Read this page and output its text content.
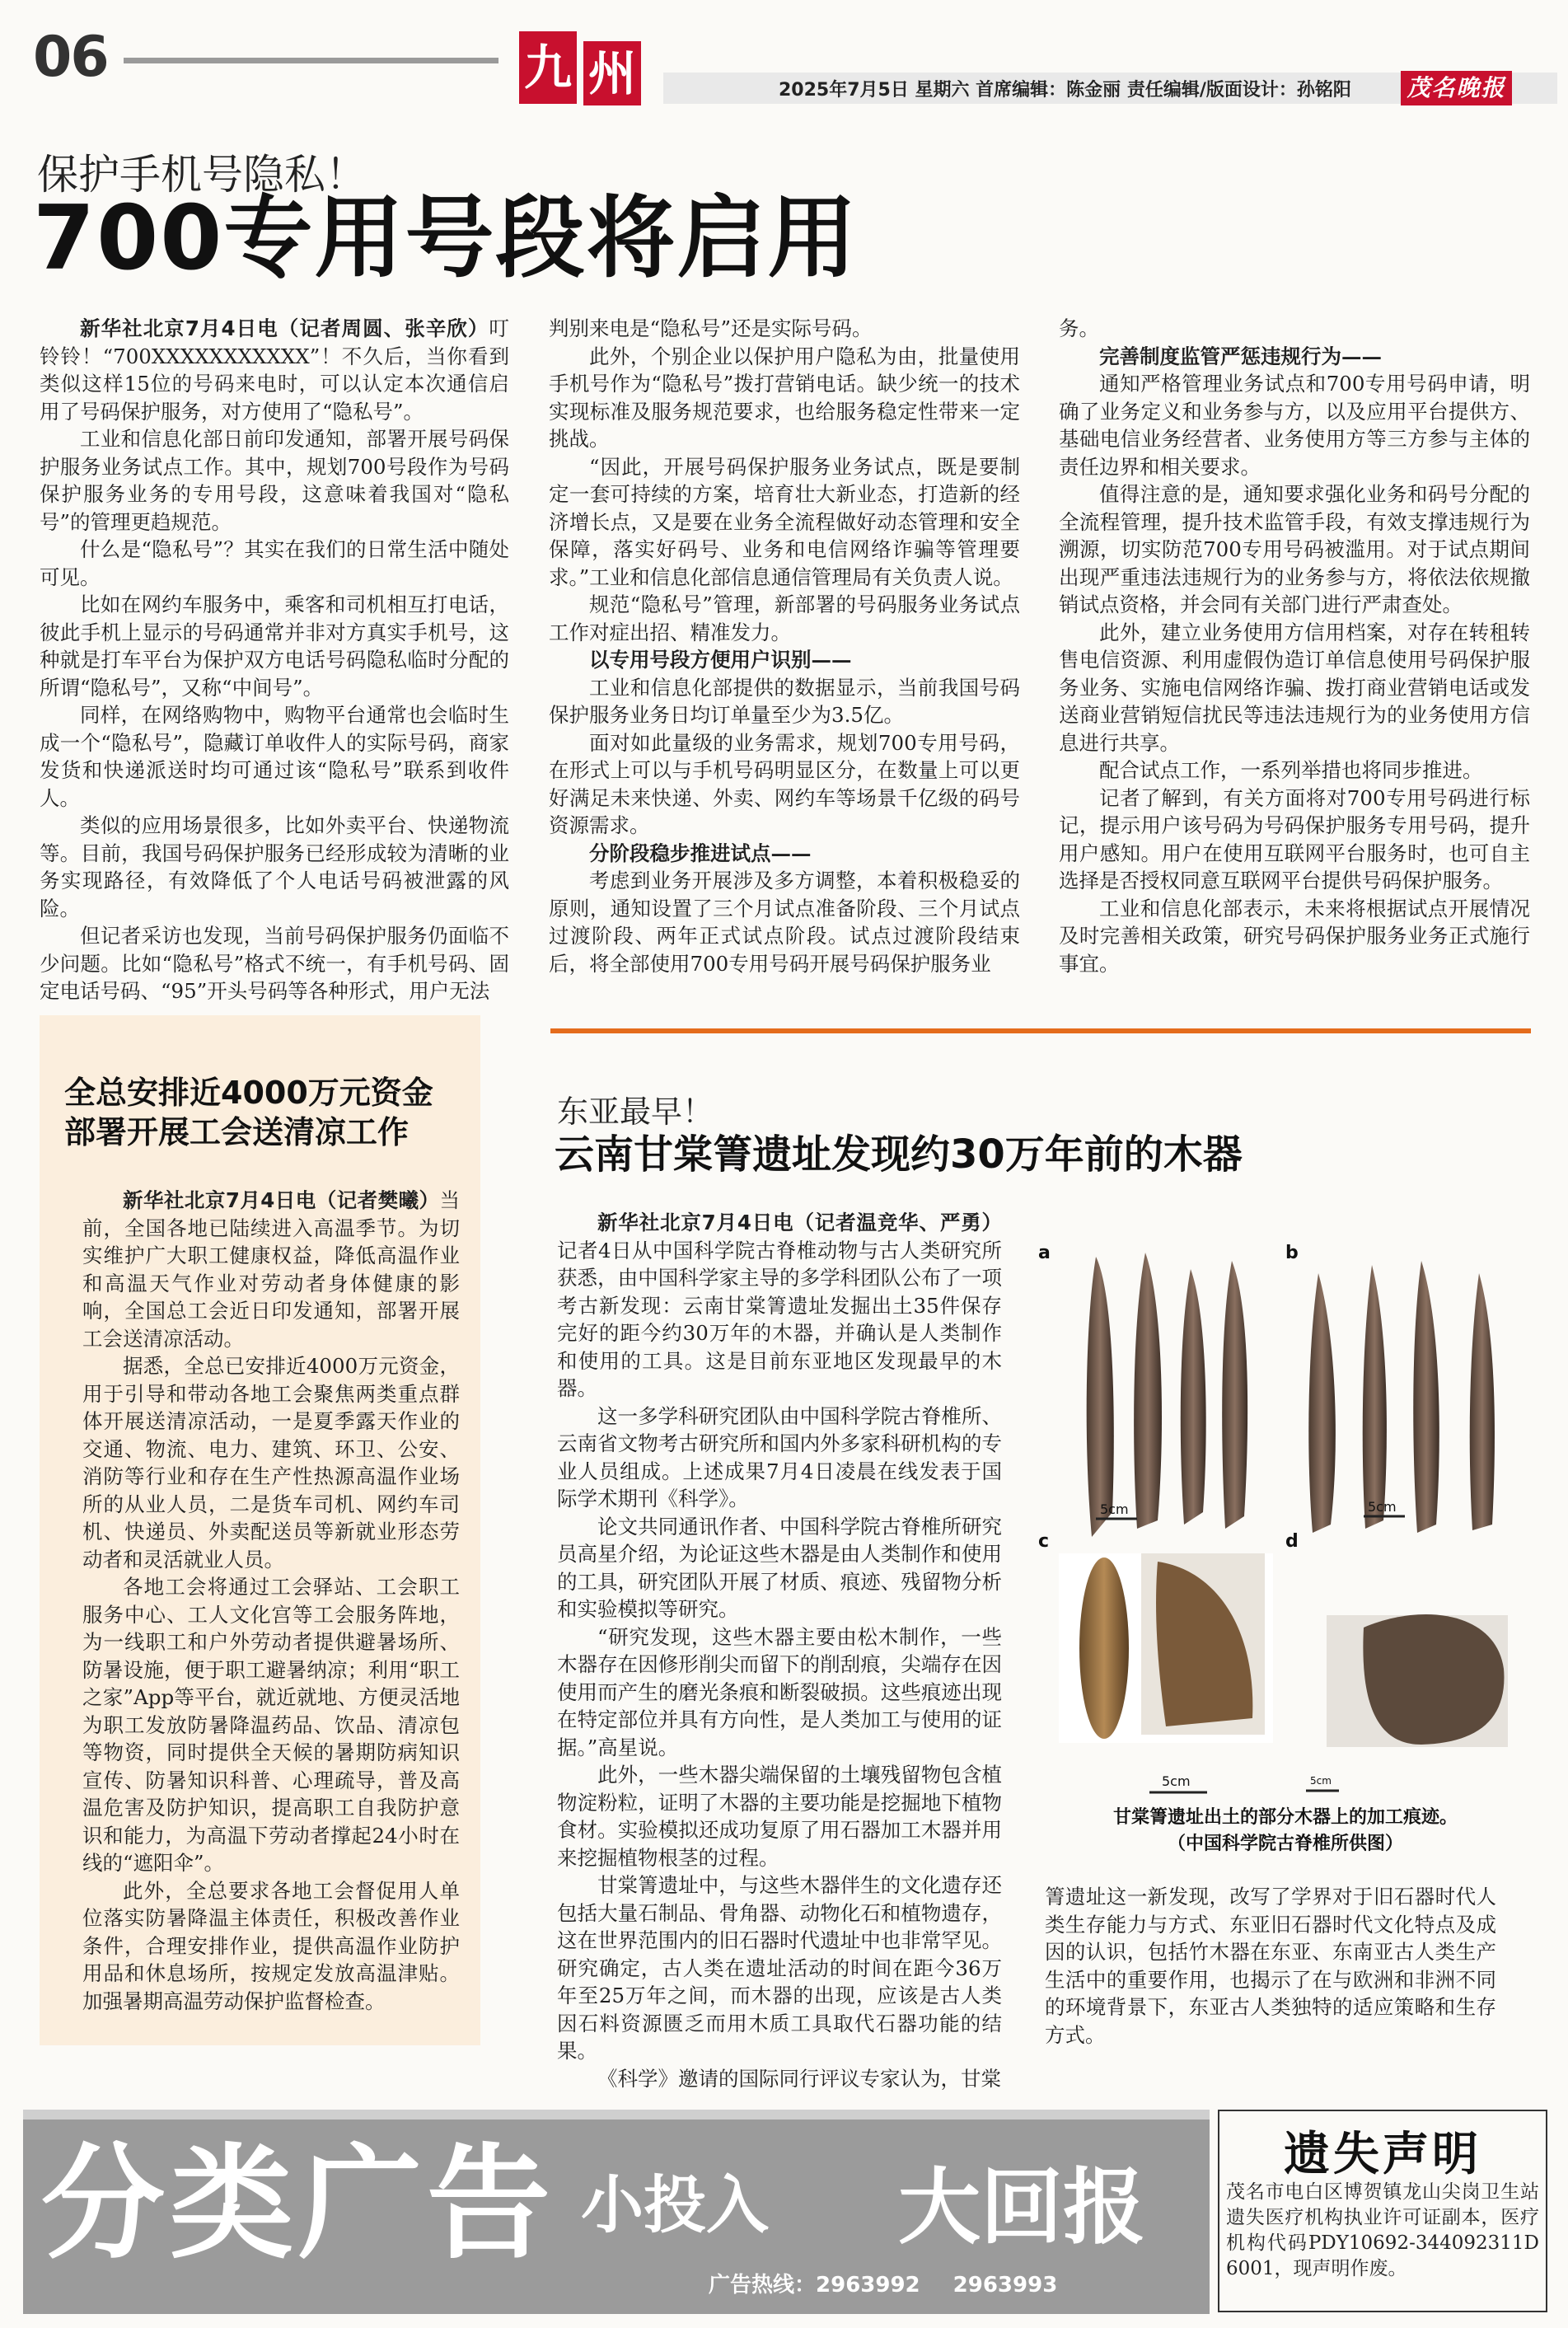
06	九 州	2025年7月5日 星期六 首席编辑：陈金丽 责任编辑/版面设计：孙铭阳 茂名晚报
保护手机号隐私！
700专用号段将启用

新华社北京7月4日电（记者周圆、张辛欣）叮铃铃！“700XXXXXXXXXXX”！不久后，当你看到类似这样15位的号码来电时，可以认定本次通信启用了号码保护服务，对方使用了“隐私号”。

工业和信息化部日前印发通知，部署开展号码保护服务业务试点工作。其中，规划700号段作为号码保护服务业务的专用号段，这意味着我国对“隐私号”的管理更趋规范。

什么是“隐私号”？其实在我们的日常生活中随处可见。

比如在网约车服务中，乘客和司机相互打电话，彼此手机上显示的号码通常并非对方真实手机号，这种就是打车平台为保护双方电话号码隐私临时分配的所谓“隐私号”，又称“中间号”。

同样，在网络购物中，购物平台通常也会临时生成一个“隐私号”，隐藏订单收件人的实际号码，商家发货和快递派送时均可通过该“隐私号”联系到收件人。

类似的应用场景很多，比如外卖平台、快递物流等。目前，我国号码保护服务已经形成较为清晰的业务实现路径，有效降低了个人电话号码被泄露的风险。

但记者采访也发现，当前号码保护服务仍面临不少问题。比如“隐私号”格式不统一，有手机号码、固定电话号码、“95”开头号码等各种形式，用户无法

判别来电是“隐私号”还是实际号码。

此外，个别企业以保护用户隐私为由，批量使用手机号作为“隐私号”拨打营销电话。缺少统一的技术实现标准及服务规范要求，也给服务稳定性带来一定挑战。

“因此，开展号码保护服务业务试点，既是要制定一套可持续的方案，培育壮大新业态，打造新的经济增长点，又是要在业务全流程做好动态管理和安全保障，落实好码号、业务和电信网络诈骗等管理要求。”工业和信息化部信息通信管理局有关负责人说。

规范“隐私号”管理，新部署的号码服务业务试点工作对症出招、精准发力。

以专用号段方便用户识别——

工业和信息化部提供的数据显示，当前我国号码保护服务业务日均订单量至少为3.5亿。

面对如此量级的业务需求，规划700专用号码，在形式上可以与手机号码明显区分，在数量上可以更好满足未来快递、外卖、网约车等场景千亿级的码号资源需求。

分阶段稳步推进试点——

考虑到业务开展涉及多方调整，本着积极稳妥的原则，通知设置了三个月试点准备阶段、三个月试点过渡阶段、两年正式试点阶段。试点过渡阶段结束后，将全部使用700专用号码开展号码保护服务业

务。

完善制度监管严惩违规行为——

通知严格管理业务试点和700专用号码申请，明确了业务定义和业务参与方，以及应用平台提供方、基础电信业务经营者、业务使用方等三方参与主体的责任边界和相关要求。

值得注意的是，通知要求强化业务和码号分配的全流程管理，提升技术监管手段，有效支撑违规行为溯源，切实防范700专用号码被滥用。对于试点期间出现严重违法违规行为的业务参与方，将依法依规撤销试点资格，并会同有关部门进行严肃查处。

此外，建立业务使用方信用档案，对存在转租转售电信资源、利用虚假伪造订单信息使用号码保护服务业务、实施电信网络诈骗、拨打商业营销电话或发送商业营销短信扰民等违法违规行为的业务使用方信息进行共享。

配合试点工作，一系列举措也将同步推进。

记者了解到，有关方面将对700专用号码进行标记，提示用户该号码为号码保护服务专用号码，提升用户感知。用户在使用互联网平台服务时，也可自主选择是否授权同意互联网平台提供号码保护服务。

工业和信息化部表示，未来将根据试点开展情况及时完善相关政策，研究号码保护服务业务正式施行事宜。

全总安排近4000万元资金
部署开展工会送清凉工作

新华社北京7月4日电（记者樊曦）当前，全国各地已陆续进入高温季节。为切实维护广大职工健康权益，降低高温作业和高温天气作业对劳动者身体健康的影响，全国总工会近日印发通知，部署开展工会送清凉活动。

据悉，全总已安排近4000万元资金，用于引导和带动各地工会聚焦两类重点群体开展送清凉活动，一是夏季露天作业的交通、物流、电力、建筑、环卫、公安、消防等行业和存在生产性热源高温作业场所的从业人员，二是货车司机、网约车司机、快递员、外卖配送员等新就业形态劳动者和灵活就业人员。

各地工会将通过工会驿站、工会职工服务中心、工人文化宫等工会服务阵地，为一线职工和户外劳动者提供避暑场所、防暑设施，便于职工避暑纳凉；利用“职工之家”App等平台，就近就地、方便灵活地为职工发放防暑降温药品、饮品、清凉包等物资，同时提供全天候的暑期防病知识宣传、防暑知识科普、心理疏导，普及高温危害及防护知识，提高职工自我防护意识和能力，为高温下劳动者撑起24小时在线的“遮阳伞”。

此外，全总要求各地工会督促用人单位落实防暑降温主体责任，积极改善作业条件，合理安排作业，提供高温作业防护用品和休息场所，按规定发放高温津贴。加强暑期高温劳动保护监督检查。

东亚最早！
云南甘棠箐遗址发现约30万年前的木器

新华社北京7月4日电（记者温竞华、严勇）记者4日从中国科学院古脊椎动物与古人类研究所获悉，由中国科学家主导的多学科团队公布了一项考古新发现：云南甘棠箐遗址发掘出土35件保存完好的距今约30万年的木器，并确认是人类制作和使用的工具。这是目前东亚地区发现最早的木器。

这一多学科研究团队由中国科学院古脊椎所、云南省文物考古研究所和国内外多家科研机构的专业人员组成。上述成果7月4日凌晨在线发表于国际学术期刊《科学》。

论文共同通讯作者、中国科学院古脊椎所研究员高星介绍，为论证这些木器是由人类制作和使用的工具，研究团队开展了材质、痕迹、残留物分析和实验模拟等研究。

“研究发现，这些木器主要由松木制作，一些木器存在因修形削尖而留下的削刮痕，尖端存在因使用而产生的磨光条痕和断裂破损。这些痕迹出现在特定部位并具有方向性，是人类加工与使用的证据。”高星说。

此外，一些木器尖端保留的土壤残留物包含植物淀粉粒，证明了木器的主要功能是挖掘地下植物食材。实验模拟还成功复原了用石器加工木器并用来挖掘植物根茎的过程。

甘棠箐遗址中，与这些木器伴生的文化遗存还包括大量石制品、骨角器、动物化石和植物遗存，这在世界范围内的旧石器时代遗址中也非常罕见。研究确定，古人类在遗址活动的时间在距今36万年至25万年之间，而木器的出现，应该是古人类因石料资源匮乏而用木质工具取代石器功能的结果。

《科学》邀请的国际同行评议专家认为，甘棠

a	b
c	d
5cm	5cm
5cm	5cm
甘棠箐遗址出土的部分木器上的加工痕迹。
（中国科学院古脊椎所供图）

箐遗址这一新发现，改写了学界对于旧石器时代人类生存能力与方式、东亚旧石器时代文化特点及成因的认识，包括竹木器在东亚、东南亚古人类生产生活中的重要作用，也揭示了在与欧洲和非洲不同的环境背景下，东亚古人类独特的适应策略和生存方式。

分类广告 小投入 大回报
广告热线：2963992 2963993
遗失声明
茂名市电白区博贺镇龙山尖岗卫生站遗失医疗机构执业许可证副本，医疗机构代码PDY10692-344092311D6001，现声明作废。
